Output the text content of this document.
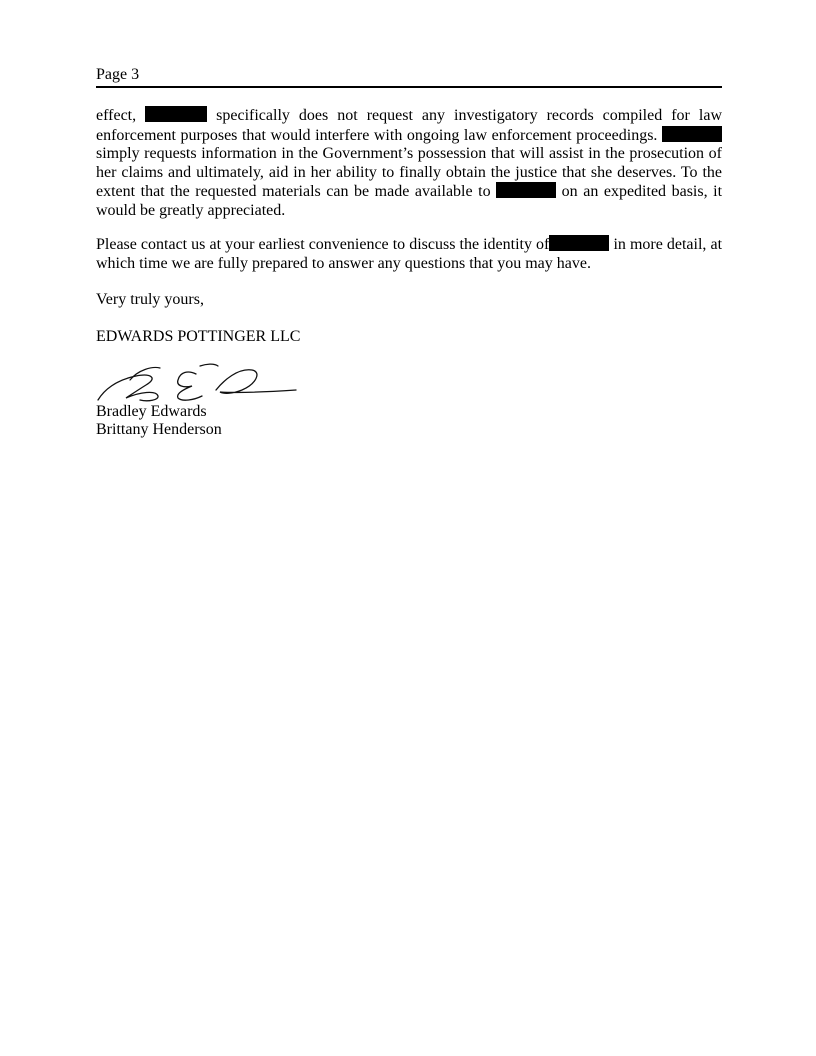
Page 3

effect,	specifically does not request any investigatory records compiled for law enforcement purposes that would interfere with ongoing law enforcement proceedings.  simply requests information in the Government’s possession that will assist in the prosecution of her claims and ultimately, aid in her ability to finally obtain the justice that she deserves. To the extent that the requested materials can be made available to	on an expedited basis, it would be greatly appreciated.

Please contact us at your earliest convenience to discuss the identity of	in more detail, at which time we are fully prepared to answer any questions that you may have.

Very truly yours,
EDWARDS POTTINGER LLC
Bradley Edwards
Brittany Henderson
